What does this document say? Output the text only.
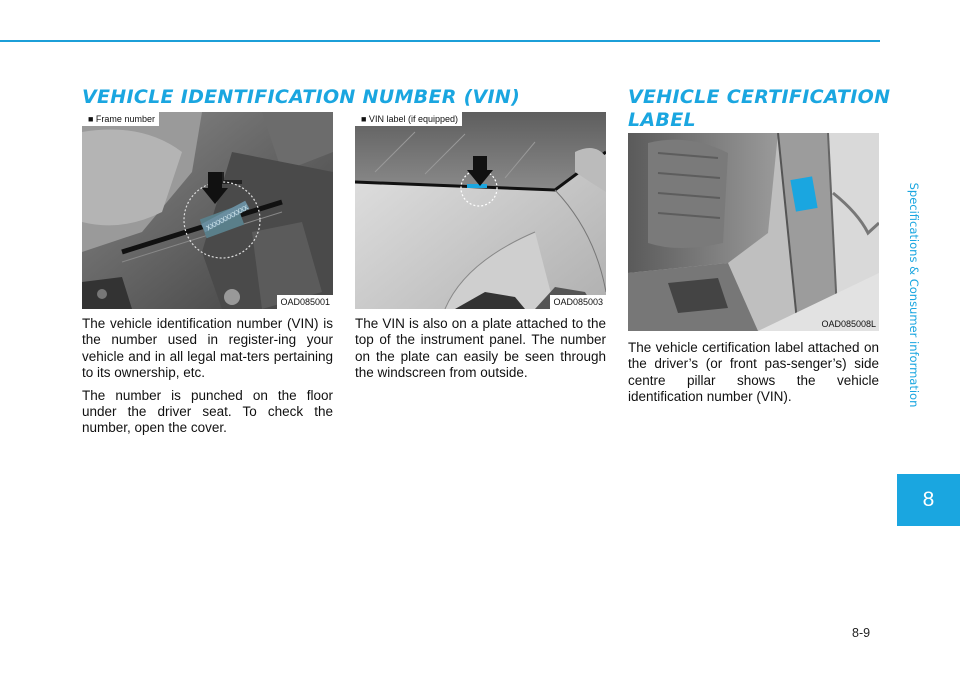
VEHICLE IDENTIFICATION NUMBER (VIN)	VEHICLE CERTIFICATION
LABEL
XXXXXXXXXXX
■ Frame number
OAD085001
■ VIN label (if equipped)
OAD085003
OAD085008L

The vehicle identification number (VIN) is the number used in register-ing your vehicle and in all legal mat-ters pertaining to its ownership, etc.

The number is punched on the floor under the driver seat. To check the number, open the cover.

The VIN is also on a plate attached to the top of the instrument panel. The number on the plate can easily be seen through the windscreen from outside.

The vehicle certification label attached on the driver’s (or front pas-senger’s) side centre pillar shows the vehicle identification number (VIN).	Specifications & Consumer information
8
8-9
